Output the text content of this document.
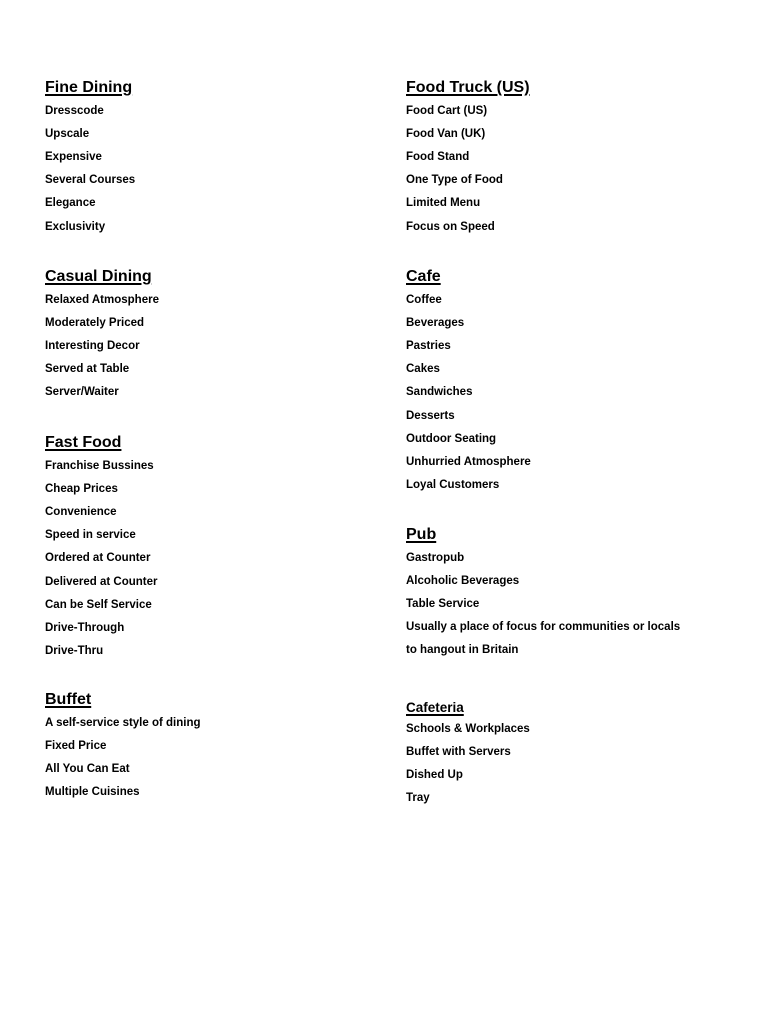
Fine Dining
Dresscode
Upscale
Expensive
Several Courses
Elegance
Exclusivity
Casual Dining
Relaxed Atmosphere
Moderately Priced
Interesting Decor
Served at Table
Server/Waiter
Fast Food
Franchise Bussines
Cheap Prices
Convenience
Speed in service
Ordered at Counter
Delivered at Counter
Can be Self Service
Drive-Through
Drive-Thru
Buffet
A self-service style of dining
Fixed Price
All You Can Eat
Multiple Cuisines
Food Truck (US)
Food Cart (US)
Food Van (UK)
Food Stand
One Type of Food
Limited Menu
Focus on Speed
Cafe
Coffee
Beverages
Pastries
Cakes
Sandwiches
Desserts
Outdoor Seating
Unhurried Atmosphere
Loyal Customers
Pub
Gastropub
Alcoholic Beverages
Table Service
Usually a place of focus for communities or locals
to hangout in Britain
Cafeteria
Schools & Workplaces
Buffet with Servers
Dished Up
Tray
